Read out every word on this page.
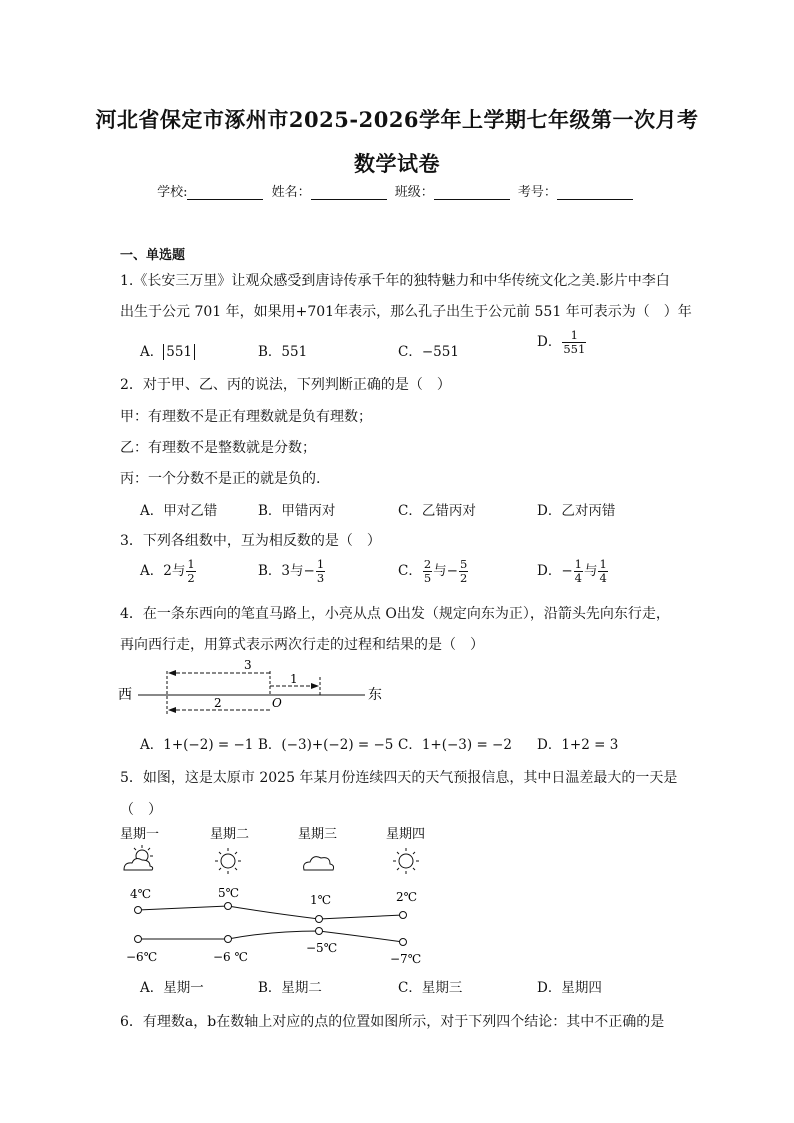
河北省保定市涿州市2025-2026学年上学期七年级第一次月考
数学试卷
学校:	姓名：	班级：	考号：
一、单选题
1.《长安三万里》让观众感受到唐诗传承千年的独特魅力和中华传统文化之美.影片中李白
出生于公元 701 年，如果用+701年表示，那么孔子出生于公元前 551 年可表示为（　）年
A． 551	B．551	C．−551
D． $\frac{1}{551}$
2．对于甲、乙、丙的说法，下列判断正确的是（　）
甲：有理数不是正有理数就是负有理数；
乙：有理数不是整数就是分数；
丙：一个分数不是正的就是负的.
A．甲对乙错	B．甲错丙对	C．乙错丙对	D．乙对丙错
3．下列各组数中，互为相反数的是（　）
A．2与 $\frac{1}{2}$	B．3与− $\frac{1}{3}$	C． $\frac{2}{5}$ 与− $\frac{5}{2}$	D．− $\frac{1}{4}$ 与 $\frac{1}{4}$
4．在一条东西向的笔直马路上，小亮从点 O出发（规定向东为正），沿箭头先向东行走，
再向西行走，用算式表示两次行走的过程和结果的是（　）
西	东
3
1
2	O
A．1+(−2) = −1 B．(−3)+(−2) = −5 C．1+(−3) = −2 D．1+2 = 3
5．如图，这是太原市 2025 年某月份连续四天的天气预报信息，其中日温差最大的一天是
（　）
星期一	星期二	星期三	星期四
4℃	5℃	1℃	2℃
−6℃	−6 ℃
−5℃
−7℃
A．星期一	B．星期二	C．星期三	D．星期四
6．有理数a，b在数轴上对应的点的位置如图所示，对于下列四个结论：其中不正确的是
